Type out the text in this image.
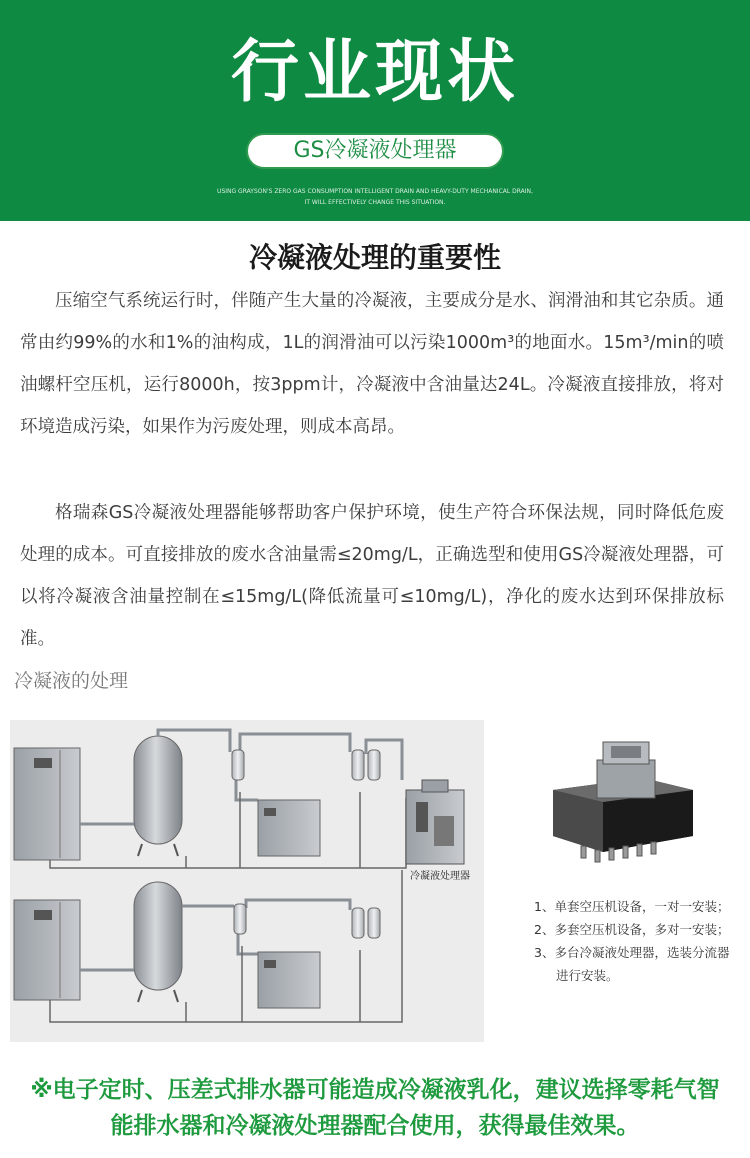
行业现状
GS冷凝液处理器
USING GRAYSON'S ZERO GAS CONSUMPTION INTELLIGENT DRAIN AND HEAVY-DUTY MECHANICAL DRAIN,
IT WILL EFFECTIVELY CHANGE THIS SITUATION.
冷凝液处理的重要性

压缩空气系统运行时，伴随产生大量的冷凝液，主要成分是水、润滑油和其它杂质。通常由约99%的水和1%的油构成，1L的润滑油可以污染1000m³的地面水。15m³/min的喷油螺杆空压机，运行8000h，按3ppm计，冷凝液中含油量达24L。冷凝液直接排放，将对环境造成污染，如果作为污废处理，则成本高昂。

格瑞森GS冷凝液处理器能够帮助客户保护环境，使生产符合环保法规，同时降低危废处理的成本。可直接排放的废水含油量需≤20mg/L，正确选型和使用GS冷凝液处理器，可以将冷凝液含油量控制在≤15mg/L(降低流量可≤10mg/L)，净化的废水达到环保排放标准。

冷凝液的处理
冷凝液处理器
1、单套空压机设备，一对一安装；
2、多套空压机设备，多对一安装；
3、多台冷凝液处理器，选装分流器
进行安装。
※电子定时、压差式排水器可能造成冷凝液乳化，建议选择零耗气智能排水器和冷凝液处理器配合使用，获得最佳效果。
